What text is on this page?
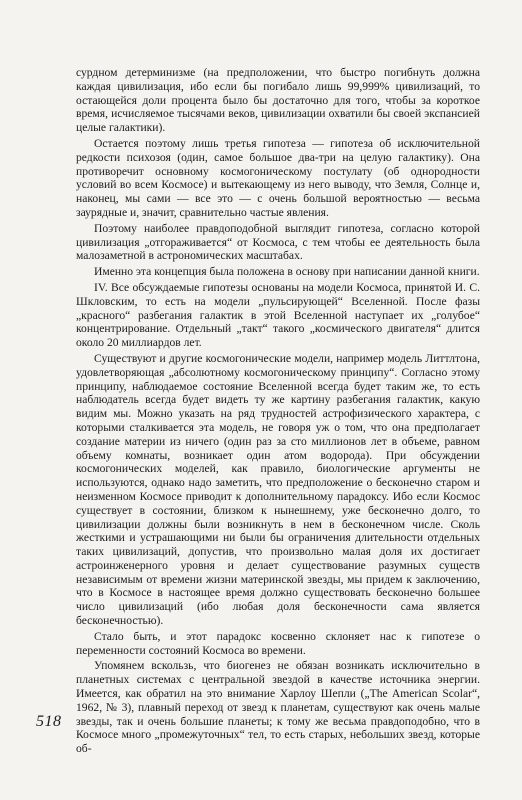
сурдном детерминизме (на предположении, что быстро погибнуть должна каждая цивилизация, ибо если бы погибало лишь 99,999% цивилизаций, то остающейся доли процента было бы достаточно для того, чтобы за короткое время, исчисляемое тысячами веков, цивилизации охватили бы своей экспансией целые галактики).

Остается поэтому лишь третья гипотеза — гипотеза об исключительной редкости психозоя (один, самое большое два-три на целую галактику). Она противоречит основному космогоническому постулату (об однородности условий во всем Космосе) и вытекающему из него выводу, что Земля, Солнце и, наконец, мы сами — все это — с очень большой вероятностью — весьма заурядные и, значит, сравнительно частые явления.

Поэтому наиболее правдоподобной выглядит гипотеза, согласно которой цивилизация „отгораживается“ от Космоса, с тем чтобы ее деятельность была малозаметной в астрономических масштабах.

Именно эта концепция была положена в основу при написании данной книги.

IV. Все обсуждаемые гипотезы основаны на модели Космоса, принятой И. С. Шкловским, то есть на модели „пульсирующей“ Вселенной. После фазы „красного“ разбегания галактик в этой Вселенной наступает их „голубое“ концентрирование. Отдельный „такт“ такого „космического двигателя“ длится около 20 миллиардов лет.

Существуют и другие космогонические модели, например модель Литтлтона, удовлетворяющая „абсолютному космогоническому принципу“. Согласно этому принципу, наблюдаемое состояние Вселенной всегда будет таким же, то есть наблюдатель всегда будет видеть ту же картину разбегания галактик, какую видим мы. Можно указать на ряд трудностей астрофизического характера, с которыми сталкивается эта модель, не говоря уж о том, что она предполагает создание материи из ничего (один раз за сто миллионов лет в объеме, равном объему комнаты, возникает один атом водорода). При обсуждении космогонических моделей, как правило, биологические аргументы не используются, однако надо заметить, что предположение о бесконечно старом и неизменном Космосе приводит к дополнительному парадоксу. Ибо если Космос существует в состоянии, близком к нынешнему, уже бесконечно долго, то цивилизации должны были возникнуть в нем в бесконечном числе. Сколь жесткими и устрашающими ни были бы ограничения длительности отдельных таких цивилизаций, допустив, что произвольно малая доля их достигает астроинженерного уровня и делает существование разумных существ независимым от времени жизни материнской звезды, мы придем к заключению, что в Космосе в настоящее время должно существовать бесконечно большее число цивилизаций (ибо любая доля бесконечности сама является бесконечностью).

Стало быть, и этот парадокс косвенно склоняет нас к гипотезе о переменности состояний Космоса во времени.

Упомянем вскользь, что биогенез не обязан возникать исключительно в планетных системах с центральной звездой в качестве источника энергии. Имеется, как обратил на это внимание Харлоу Шепли („The American Scolar“, 1962, № 3), плавный переход от звезд к планетам, существуют как очень малые звезды, так и очень большие планеты; к тому же весьма правдоподобно, что в Космосе много „промежуточных“ тел, то есть старых, небольших звезд, которые об-

518
